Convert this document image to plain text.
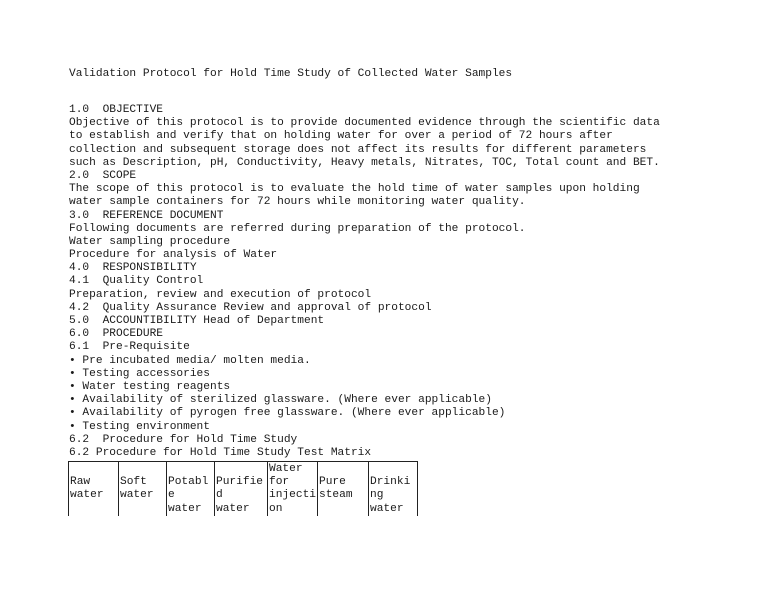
Validation Protocol for Hold Time Study of Collected Water Samples
1.0  OBJECTIVE
Objective of this protocol is to provide documented evidence through the scientific data
to establish and verify that on holding water for over a period of 72 hours after
collection and subsequent storage does not affect its results for different parameters
such as Description, pH, Conductivity, Heavy metals, Nitrates, TOC, Total count and BET.
2.0  SCOPE
The scope of this protocol is to evaluate the hold time of water samples upon holding
water sample containers for 72 hours while monitoring water quality.
3.0  REFERENCE DOCUMENT
Following documents are referred during preparation of the protocol.
Water sampling procedure
Procedure for analysis of Water
4.0  RESPONSIBILITY
4.1  Quality Control
Preparation, review and execution of protocol
4.2  Quality Assurance Review and approval of protocol
5.0  ACCOUNTIBILITY Head of Department
6.0  PROCEDURE
6.1  Pre-Requisite
• Pre incubated media/ molten media.
• Testing accessories
• Water testing reagents
• Availability of sterilized glassware. (Where ever applicable)
• Availability of pyrogen free glassware. (Where ever applicable)
• Testing environment
6.2  Procedure for Hold Time Study
6.2 Procedure for Hold Time Study Test Matrix
Raw
water
Soft
water
Potabl
e
water
Purifie
d
water
Water
for
injecti
on
Pure
steam
Drinki
ng
water
